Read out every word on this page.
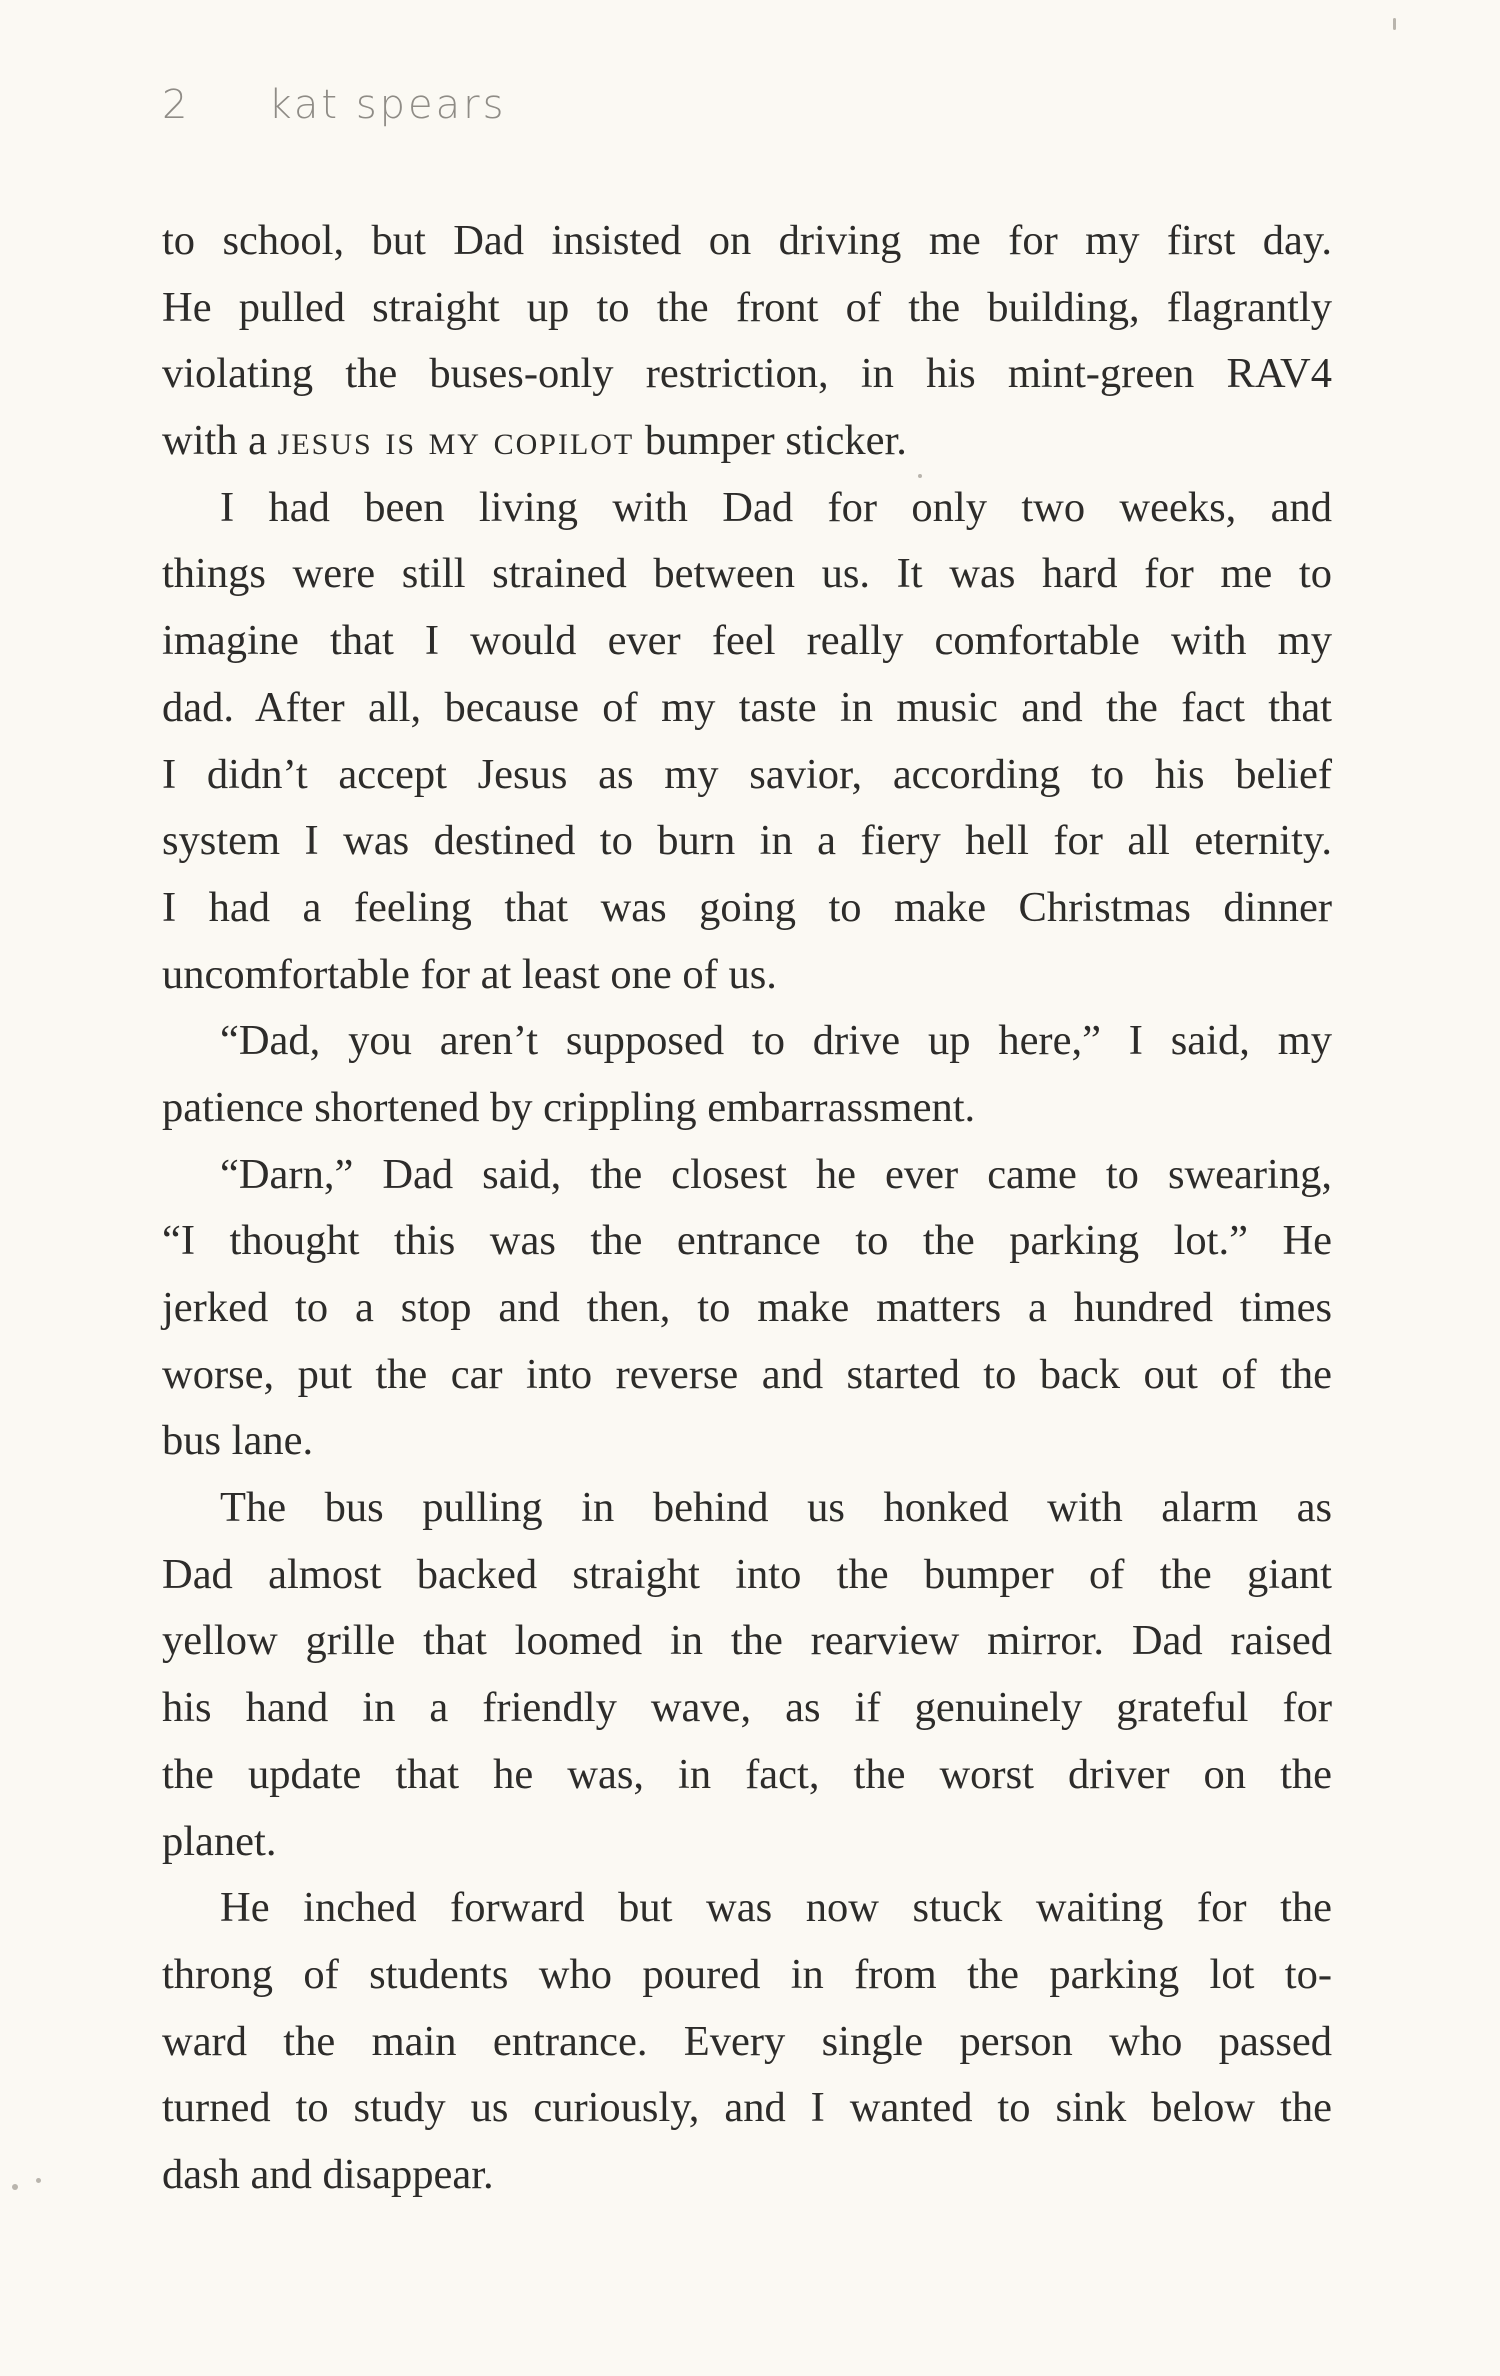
2 kat spears
to school, but Dad insisted on driving me for my first day.
He pulled straight up to the front of the building, flagrantly
violating the buses-only restriction, in his mint-green RAV4
with a jesus is my copilot bumper sticker.
I had been living with Dad for only two weeks, and
things were still strained between us. It was hard for me to
imagine that I would ever feel really comfortable with my
dad. After all, because of my taste in music and the fact that
I didn’t accept Jesus as my savior, according to his belief
system I was destined to burn in a fiery hell for all eternity.
I had a feeling that was going to make Christmas dinner
uncomfortable for at least one of us.
“Dad, you aren’t supposed to drive up here,” I said, my
patience shortened by crippling embarrassment.
“Darn,” Dad said, the closest he ever came to swearing,
“I thought this was the entrance to the parking lot.” He
jerked to a stop and then, to make matters a hundred times
worse, put the car into reverse and started to back out of the
bus lane.
The bus pulling in behind us honked with alarm as
Dad almost backed straight into the bumper of the giant
yellow grille that loomed in the rearview mirror. Dad raised
his hand in a friendly wave, as if genuinely grateful for
the update that he was, in fact, the worst driver on the
planet.
He inched forward but was now stuck waiting for the
throng of students who poured in from the parking lot to-
ward the main entrance. Every single person who passed
turned to study us curiously, and I wanted to sink below the
dash and disappear.
